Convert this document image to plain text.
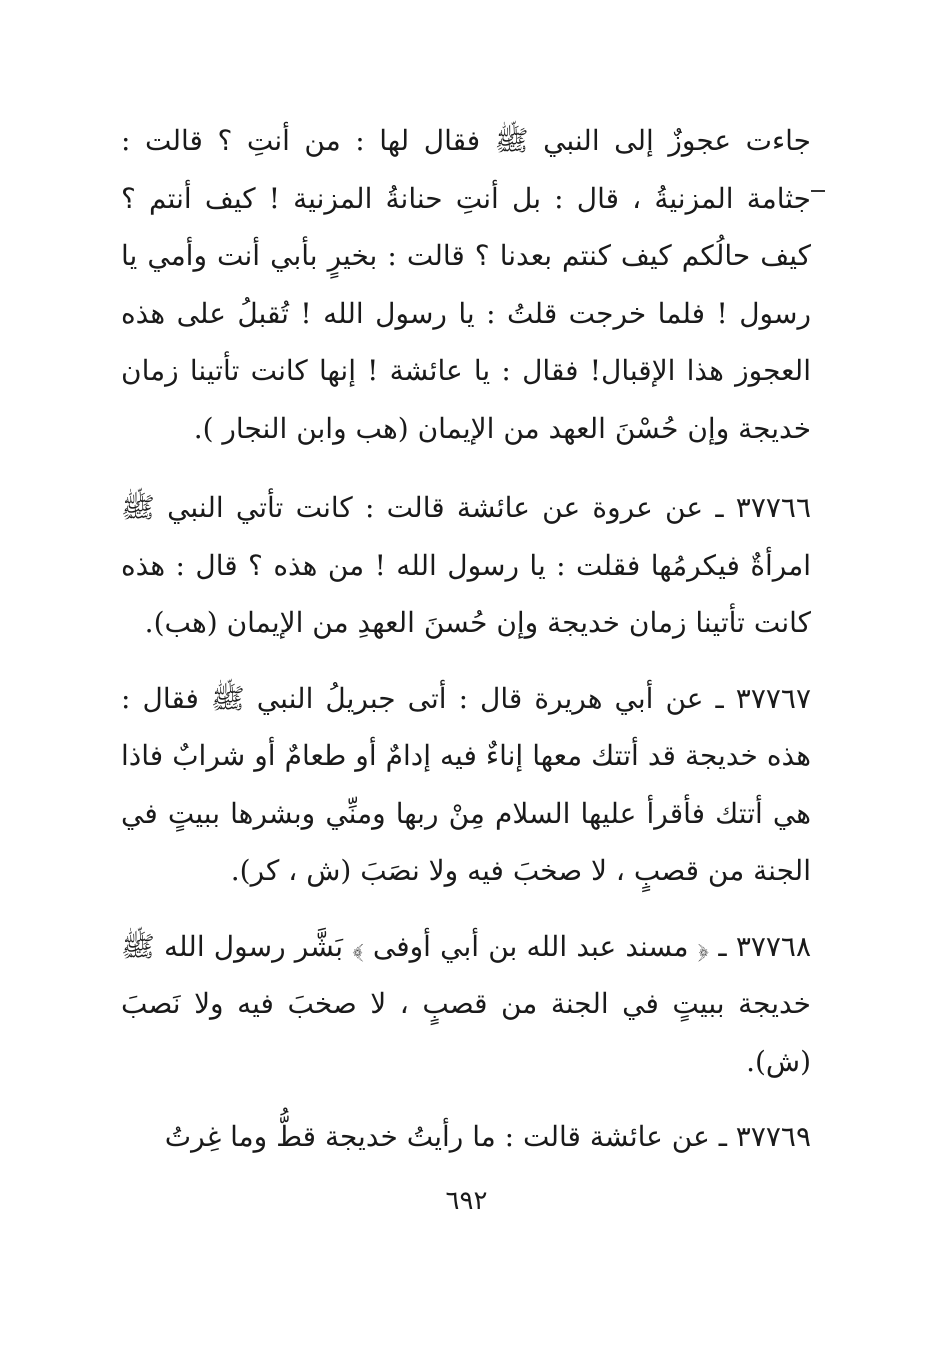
جاءت عجوزٌ إلى النبي ﷺ فقال لها : من أنتِ ؟ قالت : جثامة المزنيةُ ، قال : بل أنتِ حنانةُ المزنية ! كيف أنتم ؟ كيف حالُكم كيف كنتم بعدنا ؟ قالت : بخيرٍ بأبي أنت وأمي يا رسول ! فلما خرجت قلتُ : يا رسول الله ! تُقبلُ على هذه العجوز هذا الإقبال! فقال : يا عائشة ! إنها كانت تأتينا زمان خديجة وإن حُسْنَ العهد من الإيمان (هب وابن النجار ).

٣٧٧٦٦ ـ عن عروة عن عائشة قالت : كانت تأتي النبي ﷺ امرأةٌ فيكرمُها فقلت : يا رسول الله ! من هذه ؟ قال : هذه كانت تأتينا زمان خديجة وإن حُسنَ العهدِ من الإيمان (هب).

٣٧٧٦٧ ـ عن أبي هريرة قال : أتى جبريلُ النبي ﷺ فقال : هذه خديجة قد أتتك معها إناءٌ فيه إدامٌ أو طعامٌ أو شرابٌ فاذا هي أتتك فأقرأ عليها السلام مِنْ ربها ومنِّي وبشرها ببيتٍ في الجنة من قصبٍ ، لا صخبَ فيه ولا نصَبَ (ش ، كر).

٣٧٧٦٨ ـ ﴿ مسند عبد الله بن أبي أوفى ﴾ بَشَّر رسول الله ﷺ خديجة ببيتٍ في الجنة من قصبٍ ، لا صخبَ فيه ولا نَصبَ (ش).

٣٧٧٦٩ ـ عن عائشة قالت : ما رأيتُ خديجة قطُّ وما غِرتُ

٦٩٢
